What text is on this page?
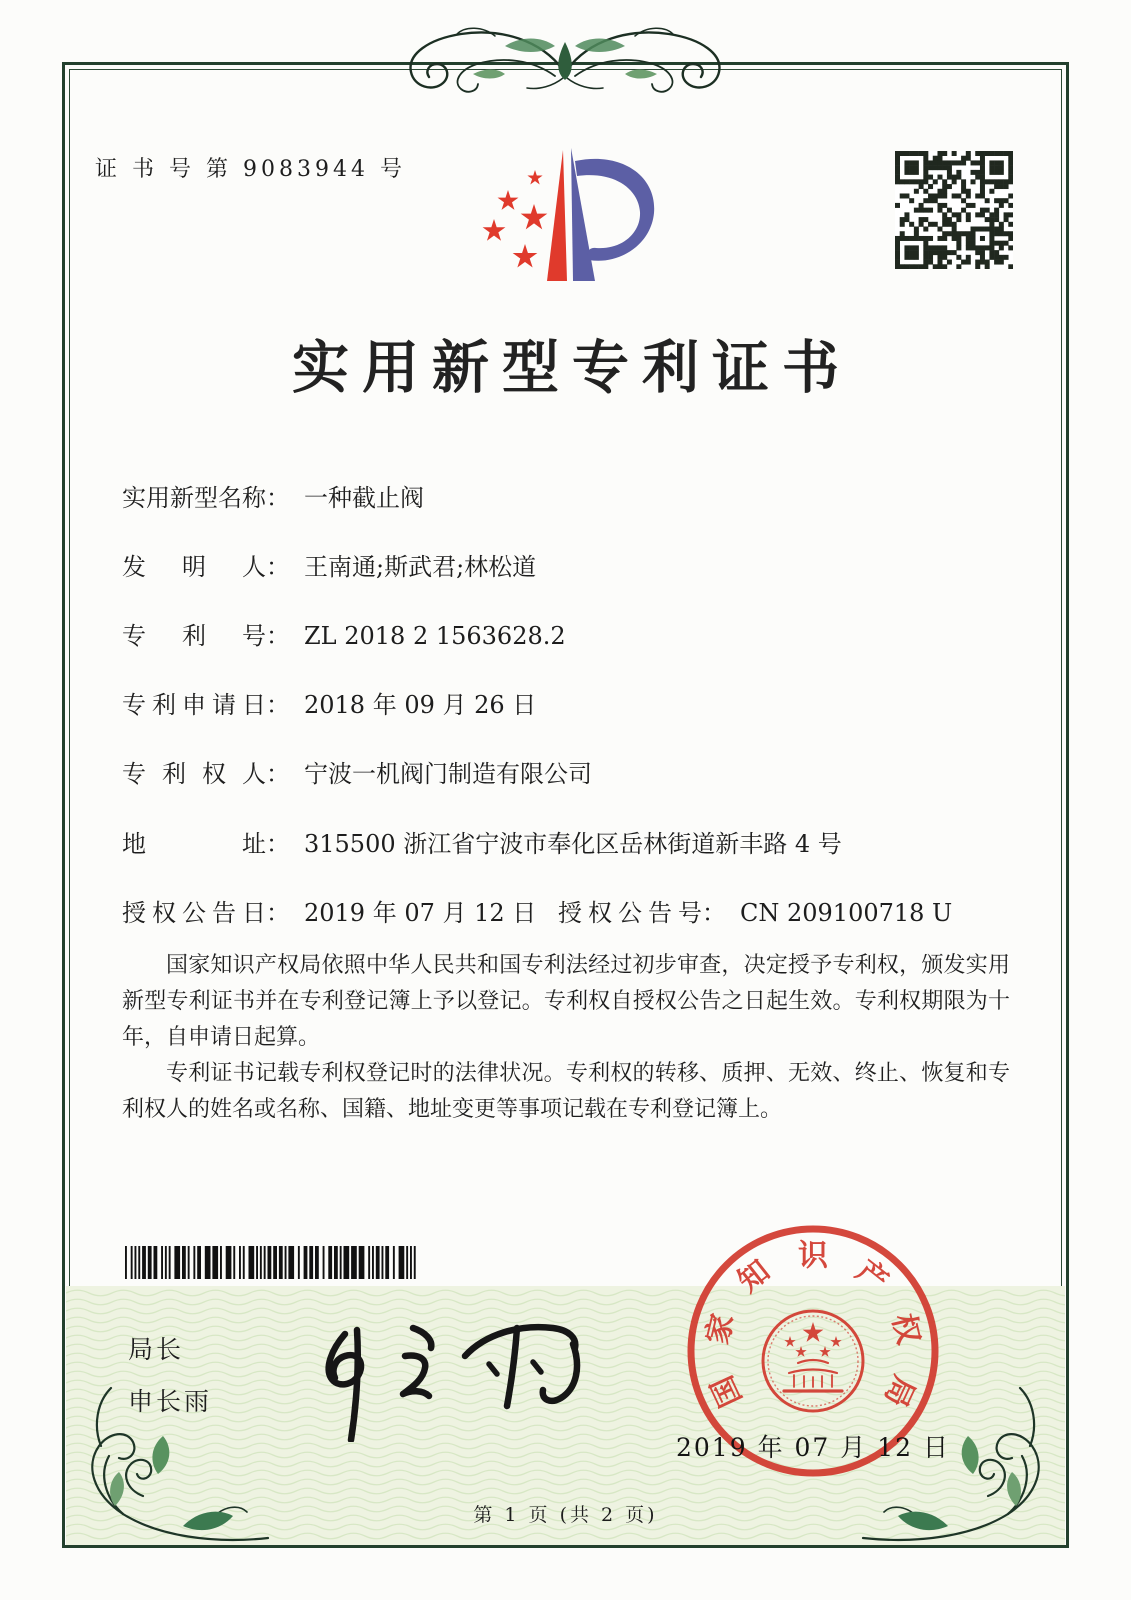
证 书 号 第 9083944 号
实用新型专利证书
实用新型名称： 一种截止阀
发明人： 王南通;斯武君;林松道
专利号： ZL 2018 2 1563628.2
专利申请日： 2018 年 09 月 26 日
专利权人： 宁波一机阀门制造有限公司
地址： 315500 浙江省宁波市奉化区岳林街道新丰路 4 号
授权公告日： 2019 年 07 月 12 日 授权公告号： CN 209100718 U

国家知识产权局依照中华人民共和国专利法经过初步审查，决定授予专利权，颁发实用新型专利证书并在专利登记簿上予以登记。专利权自授权公告之日起生效。专利权期限为十年，自申请日起算。

专利证书记载专利权登记时的法律状况。专利权的转移、质押、无效、终止、恢复和专利权人的姓名或名称、国籍、地址变更等事项记载在专利登记簿上。

局长
申长雨	国
家
知 识 产
权
局
2019 年 07 月 12 日
第 1 页 (共 2 页)
